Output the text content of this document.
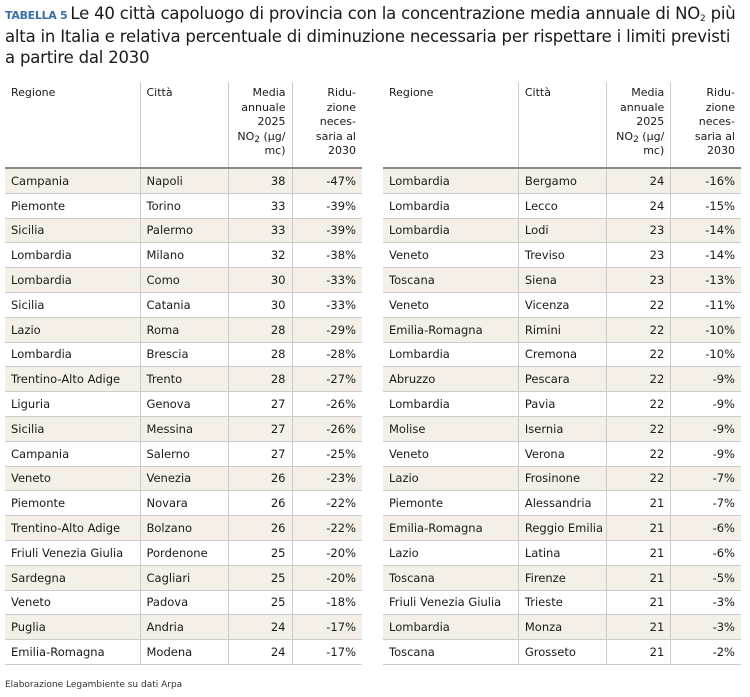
TABELLA 5 Le 40 città capoluogo di provincia con la concentrazione media annuale di $NO_2$ più alta in Italia e relativa percentuale di diminuzione necessaria per rispettare i limiti previsti a partire dal 2030
Regione	Città	Media annuale 2025 $NO_2$ (µg/ mc)	Ridu- zione neces- saria al 2030
Campania	Napoli	38	-47%
Piemonte	Torino	33	-39%
Sicilia	Palermo	33	-39%
Lombardia	Milano	32	-38%
Lombardia	Como	30	-33%
Sicilia	Catania	30	-33%
Lazio	Roma	28	-29%
Lombardia	Brescia	28	-28%
Trentino-Alto Adige	Trento	28	-27%
Liguria	Genova	27	-26%
Sicilia	Messina	27	-26%
Campania	Salerno	27	-25%
Veneto	Venezia	26	-23%
Piemonte	Novara	26	-22%
Trentino-Alto Adige	Bolzano	26	-22%
Friuli Venezia Giulia	Pordenone	25	-20%
Sardegna	Cagliari	25	-20%
Veneto	Padova	25	-18%
Puglia	Andria	24	-17%
Emilia-Romagna	Modena	24	-17%
Regione	Città	Media annuale 2025 $NO_2$ (µg/ mc)	Ridu- zione neces- saria al 2030
Lombardia	Bergamo	24	-16%
Lombardia	Lecco	24	-15%
Lombardia	Lodi	23	-14%
Veneto	Treviso	23	-14%
Toscana	Siena	23	-13%
Veneto	Vicenza	22	-11%
Emilia-Romagna	Rimini	22	-10%
Lombardia	Cremona	22	-10%
Abruzzo	Pescara	22	-9%
Lombardia	Pavia	22	-9%
Molise	Isernia	22	-9%
Veneto	Verona	22	-9%
Lazio	Frosinone	22	-7%
Piemonte	Alessandria	21	-7%
Emilia-Romagna	Reggio Emilia	21	-6%
Lazio	Latina	21	-6%
Toscana	Firenze	21	-5%
Friuli Venezia Giulia	Trieste	21	-3%
Lombardia	Monza	21	-3%
Toscana	Grosseto	21	-2%
Elaborazione Legambiente su dati Arpa
